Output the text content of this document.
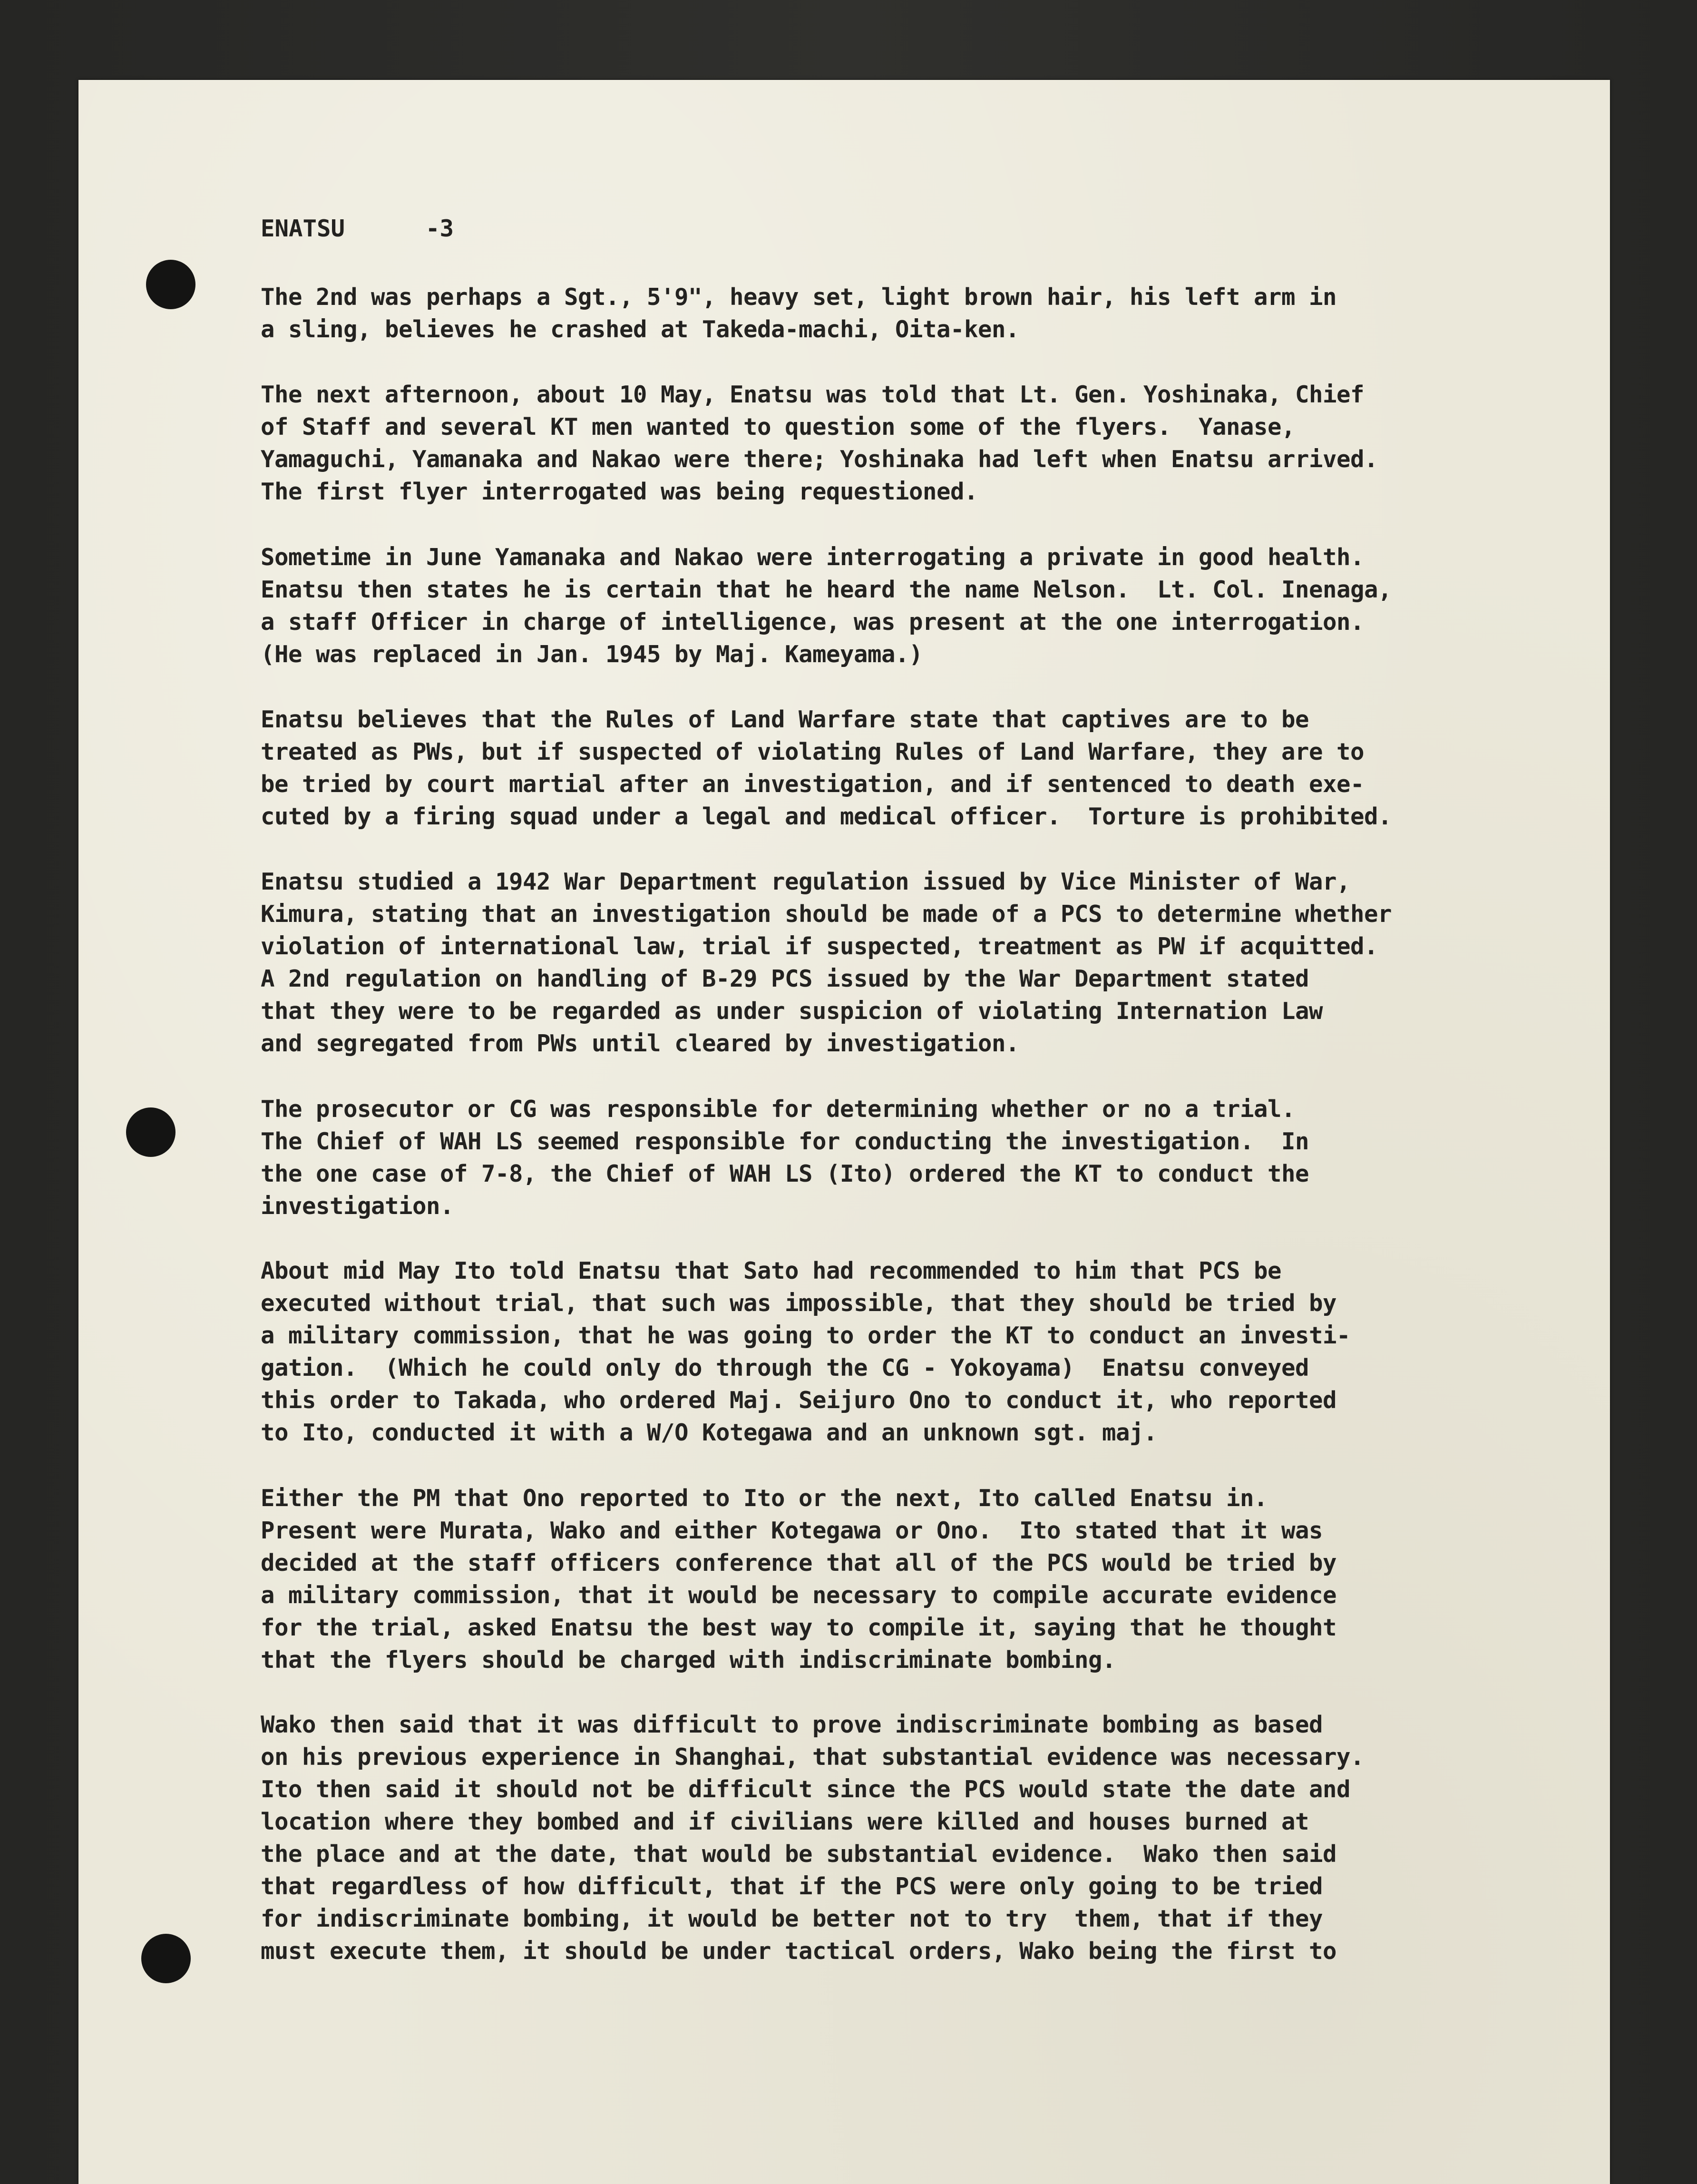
ENATSU	-3
The 2nd was perhaps a Sgt., 5'9", heavy set, light brown hair, his left arm in
a sling, believes he crashed at Takeda-machi, Oita-ken.
The next afternoon, about 10 May, Enatsu was told that Lt. Gen. Yoshinaka, Chief
of Staff and several KT men wanted to question some of the flyers.  Yanase,
Yamaguchi, Yamanaka and Nakao were there; Yoshinaka had left when Enatsu arrived.
The first flyer interrogated was being requestioned.
Sometime in June Yamanaka and Nakao were interrogating a private in good health.
Enatsu then states he is certain that he heard the name Nelson.  Lt. Col. Inenaga,
a staff Officer in charge of intelligence, was present at the one interrogation.
(He was replaced in Jan. 1945 by Maj. Kameyama.)
Enatsu believes that the Rules of Land Warfare state that captives are to be
treated as PWs, but if suspected of violating Rules of Land Warfare, they are to
be tried by court martial after an investigation, and if sentenced to death exe-
cuted by a firing squad under a legal and medical officer.  Torture is prohibited.
Enatsu studied a 1942 War Department regulation issued by Vice Minister of War,
Kimura, stating that an investigation should be made of a PCS to determine whether
violation of international law, trial if suspected, treatment as PW if acquitted.
A 2nd regulation on handling of B-29 PCS issued by the War Department stated
that they were to be regarded as under suspicion of violating Internation Law
and segregated from PWs until cleared by investigation.
The prosecutor or CG was responsible for determining whether or no a trial.
The Chief of WAH LS seemed responsible for conducting the investigation.  In
the one case of 7-8, the Chief of WAH LS (Ito) ordered the KT to conduct the
investigation.
About mid May Ito told Enatsu that Sato had recommended to him that PCS be
executed without trial, that such was impossible, that they should be tried by
a military commission, that he was going to order the KT to conduct an investi-
gation.  (Which he could only do through the CG - Yokoyama)  Enatsu conveyed
this order to Takada, who ordered Maj. Seijuro Ono to conduct it, who reported
to Ito, conducted it with a W/O Kotegawa and an unknown sgt. maj.
Either the PM that Ono reported to Ito or the next, Ito called Enatsu in.
Present were Murata, Wako and either Kotegawa or Ono.  Ito stated that it was
decided at the staff officers conference that all of the PCS would be tried by
a military commission, that it would be necessary to compile accurate evidence
for the trial, asked Enatsu the best way to compile it, saying that he thought
that the flyers should be charged with indiscriminate bombing.
Wako then said that it was difficult to prove indiscriminate bombing as based
on his previous experience in Shanghai, that substantial evidence was necessary.
Ito then said it should not be difficult since the PCS would state the date and
location where they bombed and if civilians were killed and houses burned at
the place and at the date, that would be substantial evidence.  Wako then said
that regardless of how difficult, that if the PCS were only going to be tried
for indiscriminate bombing, it would be better not to try  them, that if they
must execute them, it should be under tactical orders, Wako being the first to
